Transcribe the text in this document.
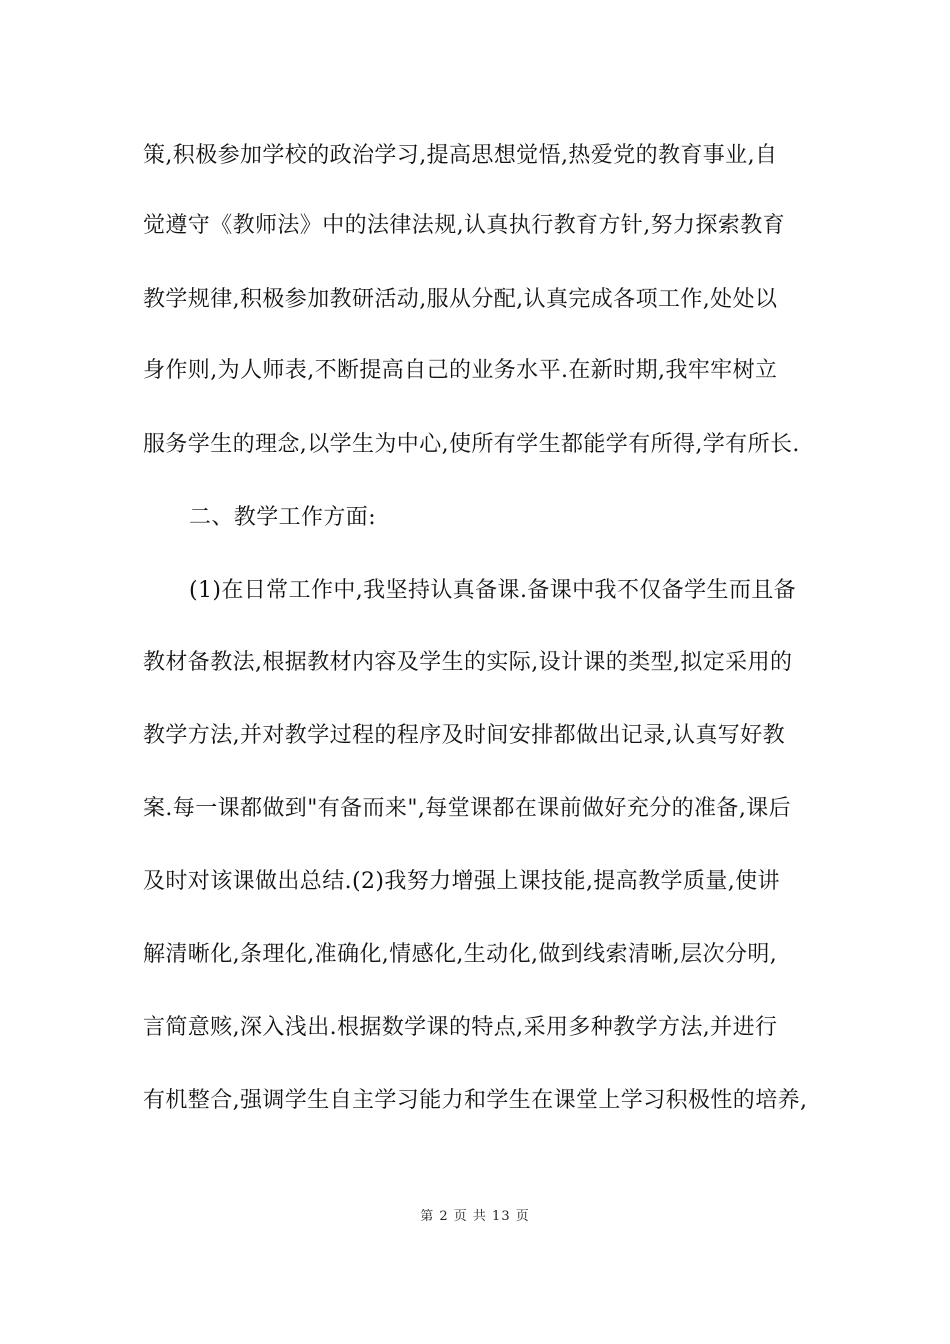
策,积极参加学校的政治学习,提高思想觉悟,热爱党的教育事业,自
觉遵守《教师法》中的法律法规,认真执行教育方针,努力探索教育
教学规律,积极参加教研活动,服从分配,认真完成各项工作,处处以
身作则,为人师表,不断提高自己的业务水平.在新时期,我牢牢树立
服务学生的理念,以学生为中心,使所有学生都能学有所得,学有所长.
二、教学工作方面:
(1)在日常工作中,我坚持认真备课.备课中我不仅备学生而且备
教材备教法,根据教材内容及学生的实际,设计课的类型,拟定采用的
教学方法,并对教学过程的程序及时间安排都做出记录,认真写好教
案.每一课都做到"有备而来",每堂课都在课前做好充分的准备,课后
及时对该课做出总结.(2)我努力增强上课技能,提高教学质量,使讲
解清晰化,条理化,准确化,情感化,生动化,做到线索清晰,层次分明,
言简意赅,深入浅出.根据数学课的特点,采用多种教学方法,并进行
有机整合,强调学生自主学习能力和学生在课堂上学习积极性的培养,
第 2 页 共 13 页
